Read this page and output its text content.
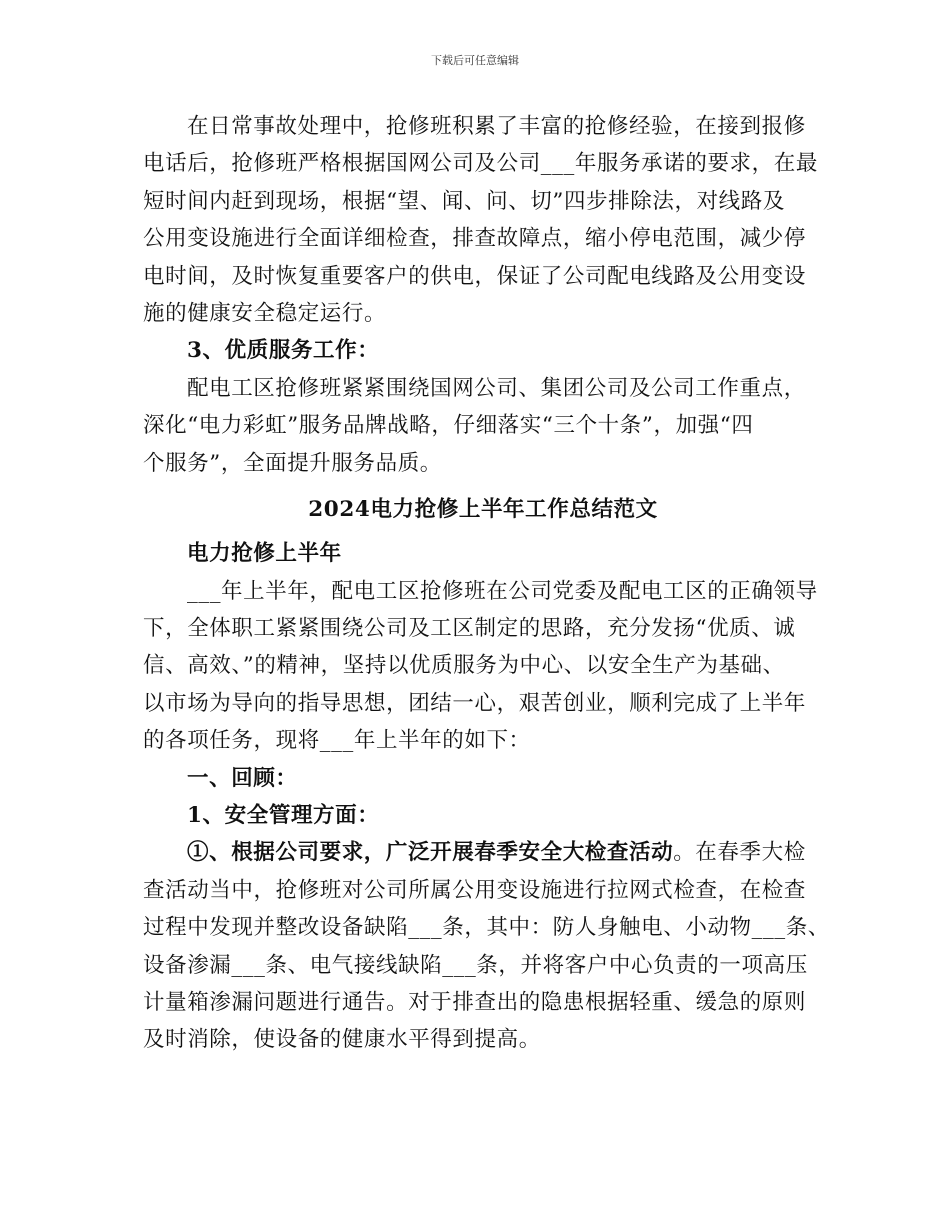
下载后可任意编辑
在日常事故处理中，抢修班积累了丰富的抢修经验，在接到报修
电话后，抢修班严格根据国网公司及公司___年服务承诺的要求，在最
短时间内赶到现场，根据“望、闻、问、切”四步排除法，对线路及
公用变设施进行全面详细检查，排查故障点，缩小停电范围，减少停
电时间，及时恢复重要客户的供电，保证了公司配电线路及公用变设
施的健康安全稳定运行。
3、优质服务工作：
配电工区抢修班紧紧围绕国网公司、集团公司及公司工作重点，
深化“电力彩虹”服务品牌战略，仔细落实“三个十条”，加强“四
个服务”，全面提升服务品质。
2024电力抢修上半年工作总结范文
电力抢修上半年
___年上半年，配电工区抢修班在公司党委及配电工区的正确领导
下，全体职工紧紧围绕公司及工区制定的思路，充分发扬“优质、诚
信、高效、”的精神，坚持以优质服务为中心、以安全生产为基础、
以市场为导向的指导思想，团结一心，艰苦创业，顺利完成了上半年
的各项任务，现将___年上半年的如下：
一、回顾：
1、安全管理方面：
①、根据公司要求，广泛开展春季安全大检查活动。在春季大检
查活动当中，抢修班对公司所属公用变设施进行拉网式检查，在检查
过程中发现并整改设备缺陷___条，其中：防人身触电、小动物___条、
设备渗漏___条、电气接线缺陷___条，并将客户中心负责的一项高压
计量箱渗漏问题进行通告。对于排查出的隐患根据轻重、缓急的原则
及时消除，使设备的健康水平得到提高。
